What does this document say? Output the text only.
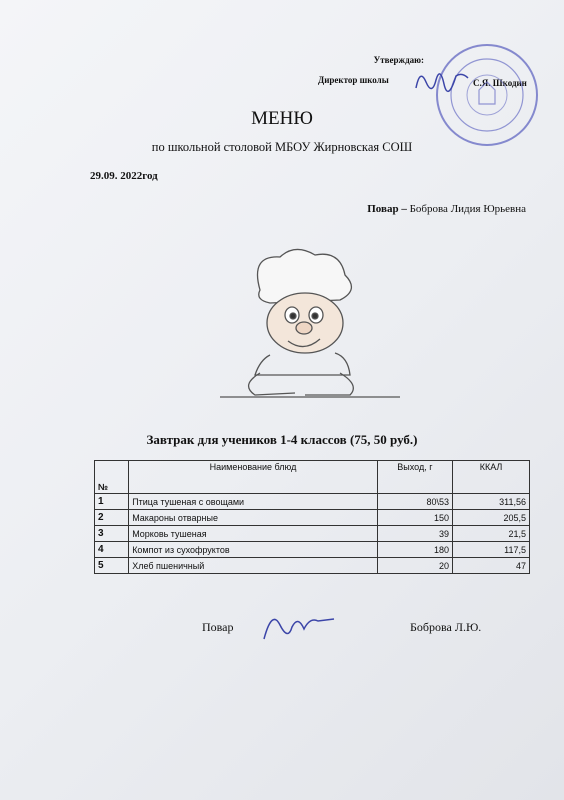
Утверждаю:
Директор школы	С.Я. Шкодин
МЕНЮ
по школьной столовой МБОУ Жирновская СОШ
29.09. 2022год
Повар – Боброва Лидия Юрьевна
Завтрак для учеников 1-4 классов (75, 50 руб.)
№	Наименование блюд	Выход, г	ККАЛ
1	Птица тушеная с овощами	80\53	311,56
2	Макароны отварные	150	205,5
3	Морковь тушеная	39	21,5
4	Компот из сухофруктов	180	117,5
5	Хлеб пшеничный	20	47
Повар	Боброва Л.Ю.
